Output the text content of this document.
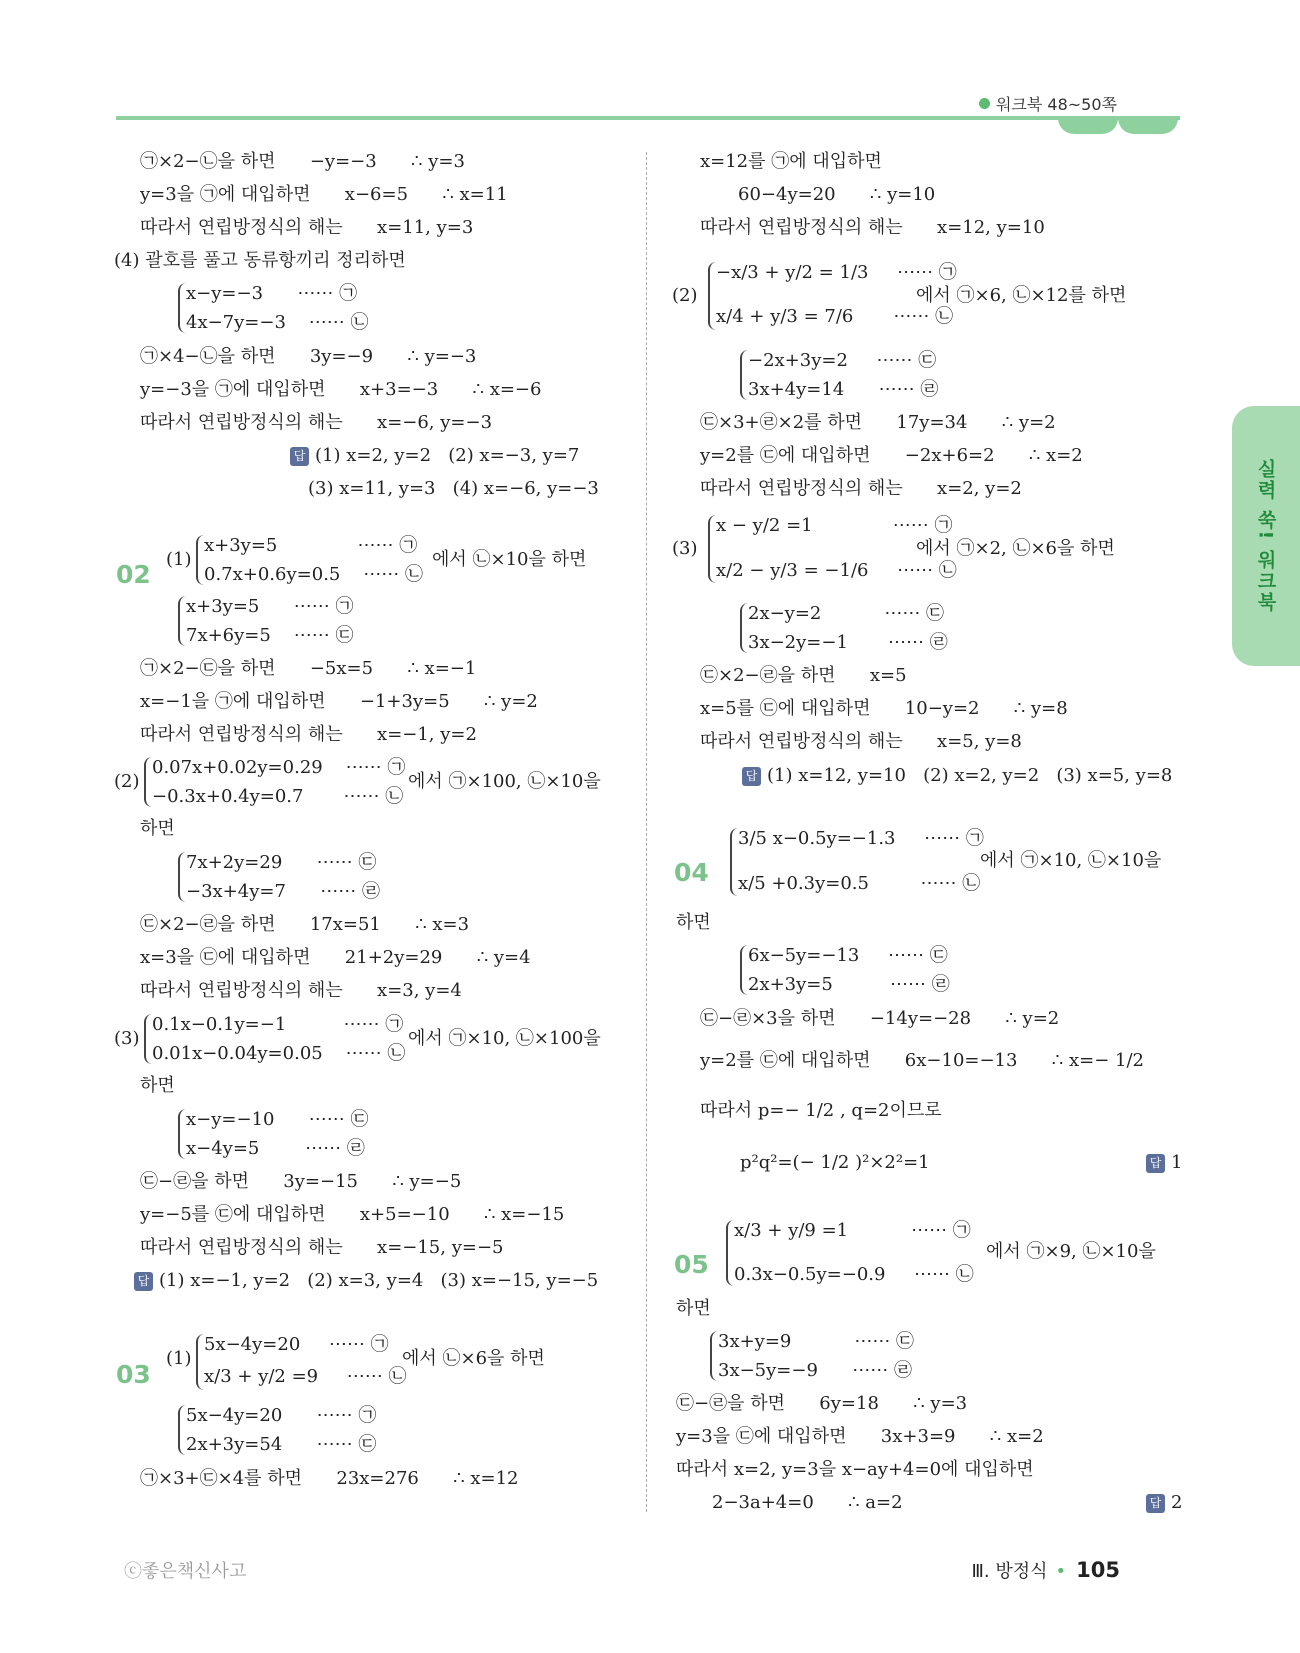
워크북 48~50쪽
실력 쑥! 워크북
㉠×2−㉡을 하면      −y=−3      ∴ y=3
y=3을 ㉠에 대입하면      x−6=5      ∴ x=11
따라서 연립방정식의 해는      x=11, y=3
(4) 괄호를 풀고 동류항끼리 정리하면
x−y=−3      ⋯⋯ ㉠
4x−7y=−3    ⋯⋯ ㉡
㉠×4−㉡을 하면      3y=−9      ∴ y=−3
y=−3을 ㉠에 대입하면      x+3=−3      ∴ x=−6
따라서 연립방정식의 해는      x=−6, y=−3
(3) x=11, y=3   (4) x=−6, y=−3
(1)
x+3y=5              ⋯⋯ ㉠
0.7x+0.6y=0.5    ⋯⋯ ㉡
에서 ㉡×10을 하면
x+3y=5      ⋯⋯ ㉠
7x+6y=5    ⋯⋯ ㉢
㉠×2−㉢을 하면      −5x=5      ∴ x=−1
x=−1을 ㉠에 대입하면      −1+3y=5      ∴ y=2
따라서 연립방정식의 해는      x=−1, y=2
(2)
0.07x+0.02y=0.29    ⋯⋯ ㉠
−0.3x+0.4y=0.7       ⋯⋯ ㉡
에서 ㉠×100, ㉡×10을
하면
7x+2y=29      ⋯⋯ ㉢
−3x+4y=7      ⋯⋯ ㉣
㉢×2−㉣을 하면      17x=51      ∴ x=3
x=3을 ㉢에 대입하면      21+2y=29      ∴ y=4
따라서 연립방정식의 해는      x=3, y=4
(3)
0.1x−0.1y=−1          ⋯⋯ ㉠
0.01x−0.04y=0.05    ⋯⋯ ㉡
에서 ㉠×10, ㉡×100을
하면
x−y=−10      ⋯⋯ ㉢
x−4y=5        ⋯⋯ ㉣
㉢−㉣을 하면      3y=−15      ∴ y=−5
y=−5를 ㉢에 대입하면      x+5=−10      ∴ x=−15
따라서 연립방정식의 해는      x=−15, y=−5
(1)
5x−4y=20     ⋯⋯ ㉠
x/3 + y/2 =9     ⋯⋯ ㉡
에서 ㉡×6을 하면
5x−4y=20      ⋯⋯ ㉠
2x+3y=54      ⋯⋯ ㉢
㉠×3+㉢×4를 하면      23x=276      ∴ x=12
x=12를 ㉠에 대입하면
60−4y=20      ∴ y=10
따라서 연립방정식의 해는      x=12, y=10
(2)
−x/3 + y/2 = 1/3     ⋯⋯ ㉠
x/4 + y/3 = 7/6       ⋯⋯ ㉡
에서 ㉠×6, ㉡×12를 하면
−2x+3y=2     ⋯⋯ ㉢
3x+4y=14      ⋯⋯ ㉣
㉢×3+㉣×2를 하면      17y=34      ∴ y=2
y=2를 ㉢에 대입하면      −2x+6=2      ∴ x=2
따라서 연립방정식의 해는      x=2, y=2
(3)
x − y/2 =1              ⋯⋯ ㉠
x/2 − y/3 = −1/6     ⋯⋯ ㉡
에서 ㉠×2, ㉡×6을 하면
2x−y=2           ⋯⋯ ㉢
3x−2y=−1       ⋯⋯ ㉣
㉢×2−㉣을 하면      x=5
x=5를 ㉢에 대입하면      10−y=2      ∴ y=8
따라서 연립방정식의 해는      x=5, y=8
3/5 x−0.5y=−1.3     ⋯⋯ ㉠
x/5 +0.3y=0.5         ⋯⋯ ㉡
에서 ㉠×10, ㉡×10을
하면
6x−5y=−13     ⋯⋯ ㉢
2x+3y=5          ⋯⋯ ㉣
㉢−㉣×3을 하면      −14y=−28      ∴ y=2
y=2를 ㉢에 대입하면      6x−10=−13      ∴ x=− 1/2
따라서 p=− 1/2 , q=2이므로
p²q²=(− 1/2 )²×2²=1
x/3 + y/9 =1           ⋯⋯ ㉠
0.3x−0.5y=−0.9     ⋯⋯ ㉡
에서 ㉠×9, ㉡×10을
하면
3x+y=9           ⋯⋯ ㉢
3x−5y=−9      ⋯⋯ ㉣
㉢−㉣을 하면      6y=18      ∴ y=3
y=3을 ㉢에 대입하면      3x+3=9      ∴ x=2
따라서 x=2, y=3을 x−ay+4=0에 대입하면
2−3a+4=0      ∴ a=2
답 (1) x=2, y=2   (2) x=−3, y=7
답 (1) x=−1, y=2   (2) x=3, y=4   (3) x=−15, y=−5
답 (1) x=12, y=10   (2) x=2, y=2   (3) x=5, y=8
답 1
답 2
02
03
04
05
ⓒ좋은책신사고	Ⅲ. 방정식 • 105
